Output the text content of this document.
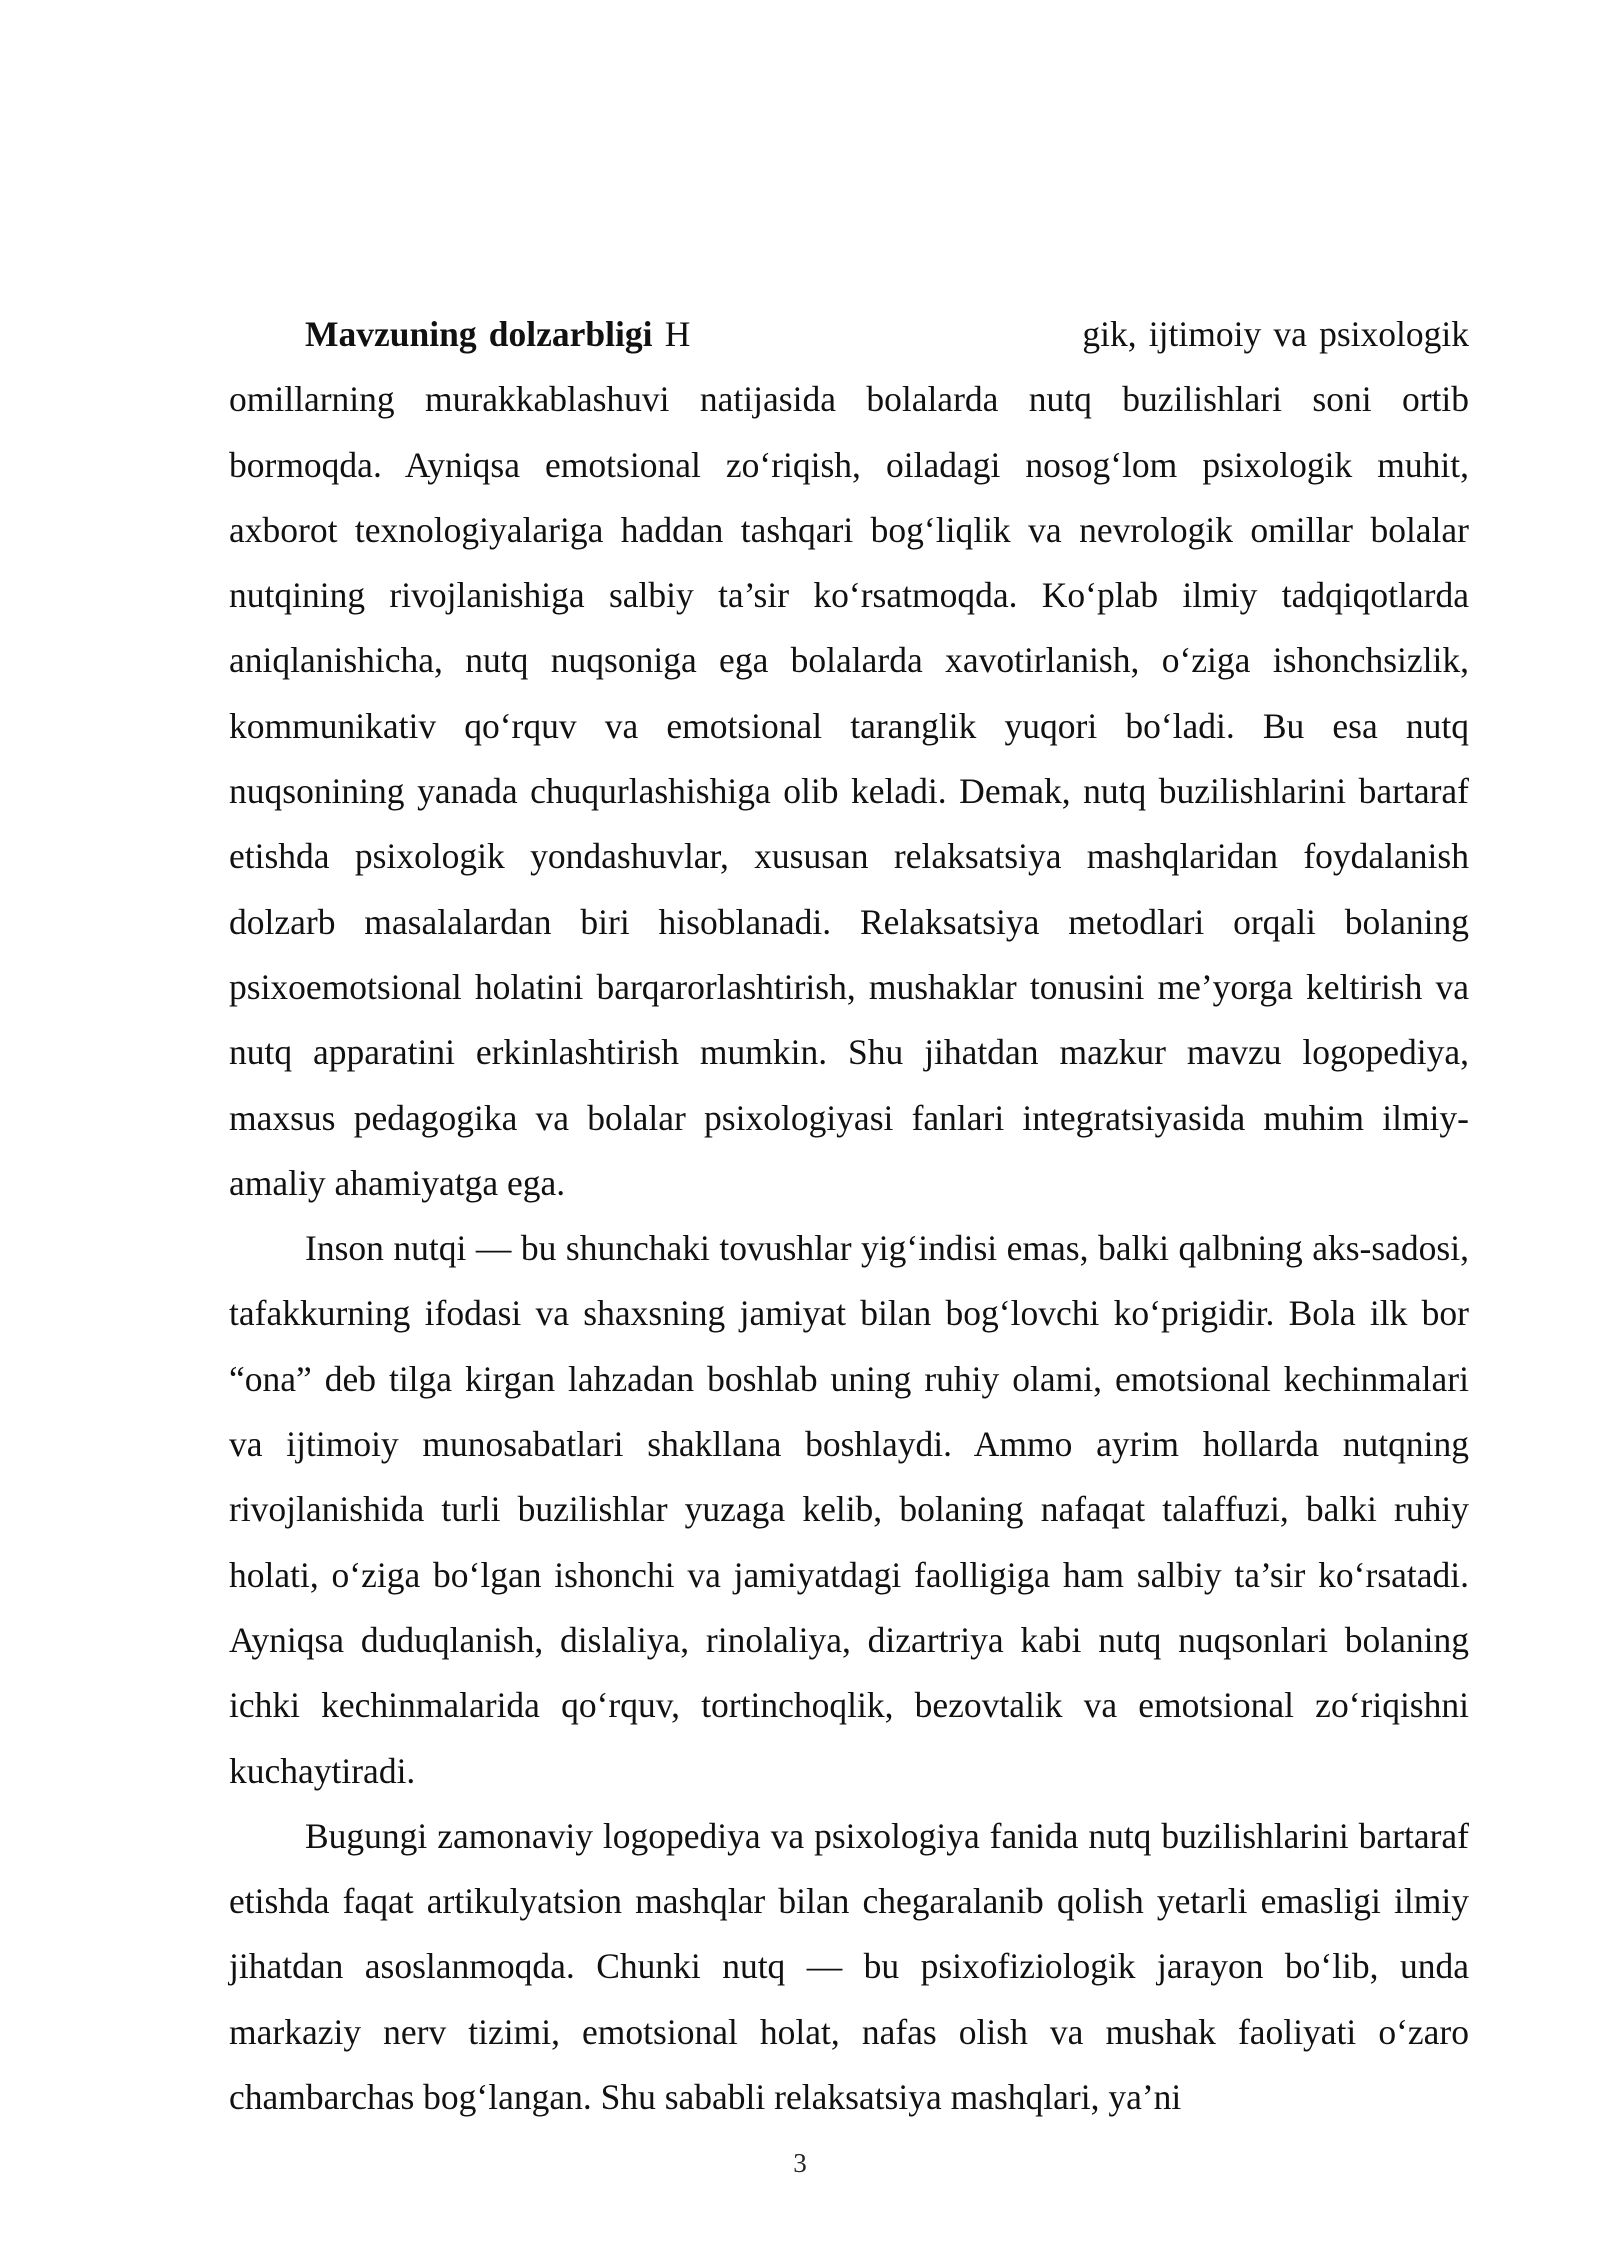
Mavzuning dolzarbligi H	gik, ijtimoiy va psixologik omillarning murakkablashuvi natijasida bolalarda nutq buzilishlari soni ortib bormoqda. Ayniqsa emotsional zo‘riqish, oiladagi nosog‘lom psixologik muhit, axborot texnologiyalariga haddan tashqari bog‘liqlik va nevrologik omillar bolalar nutqining rivojlanishiga salbiy ta’sir ko‘rsatmoqda. Ko‘plab ilmiy tadqiqotlarda aniqlanishicha, nutq nuqsoniga ega bolalarda xavotirlanish, o‘ziga ishonchsizlik, kommunikativ qo‘rquv va emotsional taranglik yuqori bo‘ladi. Bu esa nutq nuqsonining yanada chuqurlashishiga olib keladi. Demak, nutq buzilishlarini bartaraf etishda psixologik yondashuvlar, xususan relaksatsiya mashqlaridan foydalanish dolzarb masalalardan biri hisoblanadi. Relaksatsiya metodlari orqali bolaning psixoemotsional holatini barqarorlashtirish, mushaklar tonusini me’yorga keltirish va nutq apparatini erkinlashtirish mumkin. Shu jihatdan mazkur mavzu logopediya, maxsus pedagogika va bolalar psixologiyasi fanlari integratsiyasida muhim ilmiy-amaliy ahamiyatga ega.

Inson nutqi — bu shunchaki tovushlar yig‘indisi emas, balki qalbning aks-sadosi, tafakkurning ifodasi va shaxsning jamiyat bilan bog‘lovchi ko‘prigidir. Bola ilk bor “ona” deb tilga kirgan lahzadan boshlab uning ruhiy olami, emotsional kechinmalari va ijtimoiy munosabatlari shakllana boshlaydi. Ammo ayrim hollarda nutqning rivojlanishida turli buzilishlar yuzaga kelib, bolaning nafaqat talaffuzi, balki ruhiy holati, o‘ziga bo‘lgan ishonchi va jamiyatdagi faolligiga ham salbiy ta’sir ko‘rsatadi. Ayniqsa duduqlanish, dislaliya, rinolaliya, dizartriya kabi nutq nuqsonlari bolaning ichki kechinmalarida qo‘rquv, tortinchoqlik, bezovtalik va emotsional zo‘riqishni kuchaytiradi.

Bugungi zamonaviy logopediya va psixologiya fanida nutq buzilishlarini bartaraf etishda faqat artikulyatsion mashqlar bilan chegaralanib qolish yetarli emasligi ilmiy jihatdan asoslanmoqda. Chunki nutq — bu psixofiziologik jarayon bo‘lib, unda markaziy nerv tizimi, emotsional holat, nafas olish va mushak faoliyati o‘zaro chambarchas bog‘langan. Shu sababli relaksatsiya mashqlari, ya’ni

3
